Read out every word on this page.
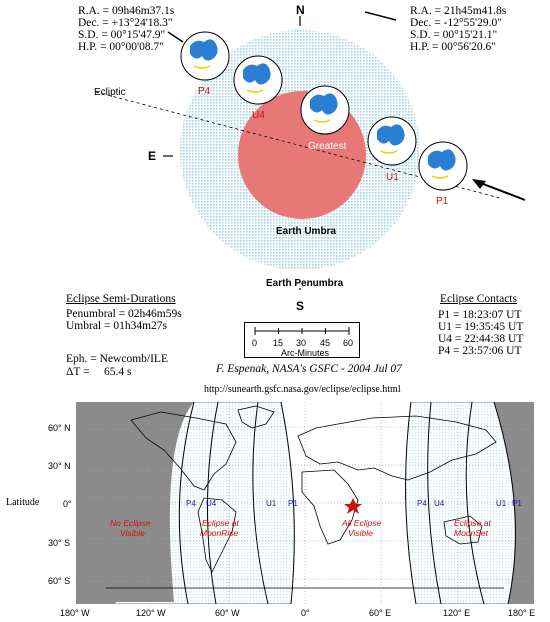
R.A. = 09h46m37.1s
Dec. = +13°24'18.3"
S.D. = 00°15'47.9"
H.P. = 00°00'08.7"
R.A. = 21h45m41.8s
Dec. = -12°55'29.0"
S.D. = 00°15'21.1"
H.P. = 00°56'20.6"
N
E
Ecliptic	P4
U4
Greatest
U1
P1
Earth Umbra
Earth Penumbra
S
Eclipse Semi-Durations
Penumbral = 02h46m59s
Umbral = 01h34m27s
Eclipse Contacts
P1 = 18:23:07 UT
U1 = 19:35:45 UT
U4 = 22:44:38 UT
P4 = 23:57:06 UT
0 15 30 45 60
Arc-Minutes
Eph. = Newcomb/ILE
ΔT =     65.4 s	F. Espenak, NASA's GSFC - 2004 Jul 07
http://sunearth.gsfc.nasa.gov/eclipse/eclipse.html
Latitude
60° N
30° N
0°
30° S
60° S
P4 U4	U1 P1	P4 U4	U1 P1
No Eclipse
Visible
Eclipse at
MoonRise
All Eclipse
Visible
Eclipse at
MoonSet
180° W	120° W	60° W	0°	60° E	120° E	180° E
